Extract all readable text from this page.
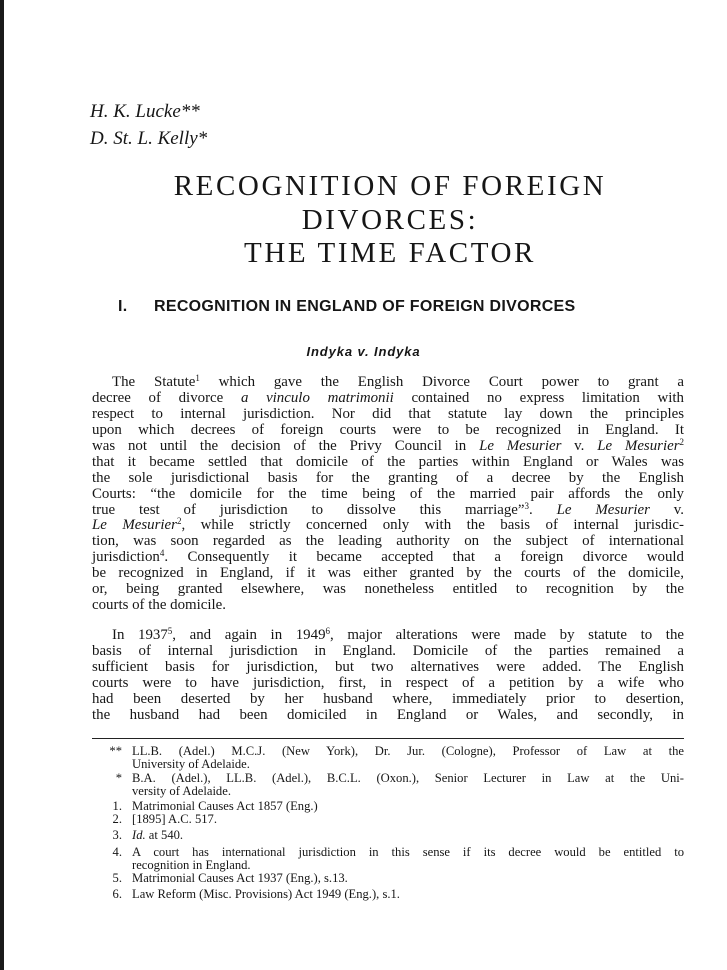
H. K. Lucke**
D. St. L. Kelly*
RECOGNITION OF FOREIGN
DIVORCES:
THE TIME FACTOR
I. RECOGNITION IN ENGLAND OF FOREIGN DIVORCES
Indyka v. Indyka
The Statute$^1$ which gave the English Divorce Court power to grant a
decree of divorce a vinculo matrimonii contained no express limitation with
respect to internal jurisdiction. Nor did that statute lay down the principles
upon which decrees of foreign courts were to be recognized in England. It
was not until the decision of the Privy Council in Le Mesurier v. Le Mesurier$^2$
that it became settled that domicile of the parties within England or Wales was
the sole jurisdictional basis for the granting of a decree by the English
Courts: “the domicile for the time being of the married pair affords the only
true test of jurisdiction to dissolve this marriage”$^3$. Le Mesurier v.
Le Mesurier$^2$, while strictly concerned only with the basis of internal jurisdic-
tion, was soon regarded as the leading authority on the subject of international
jurisdiction$^4$. Consequently it became accepted that a foreign divorce would
be recognized in England, if it was either granted by the courts of the domicile,
or, being granted elsewhere, was nonetheless entitled to recognition by the
courts of the domicile.
In 1937$^5$, and again in 1949$^6$, major alterations were made by statute to the
basis of internal jurisdiction in England. Domicile of the parties remained a
sufficient basis for jurisdiction, but two alternatives were added. The English
courts were to have jurisdiction, first, in respect of a petition by a wife who
had been deserted by her husband where, immediately prior to desertion,
the husband had been domiciled in England or Wales, and secondly, in
** LL.B. (Adel.) M.C.J. (New York), Dr. Jur. (Cologne), Professor of Law at the
University of Adelaide.
* B.A. (Adel.), LL.B. (Adel.), B.C.L. (Oxon.), Senior Lecturer in Law at the Uni-
versity of Adelaide.
1. Matrimonial Causes Act 1857 (Eng.)
2. [1895] A.C. 517.
3. Id. at 540.
4. A court has international jurisdiction in this sense if its decree would be entitled to
recognition in England.
5. Matrimonial Causes Act 1937 (Eng.), s.13.
6. Law Reform (Misc. Provisions) Act 1949 (Eng.), s.1.
